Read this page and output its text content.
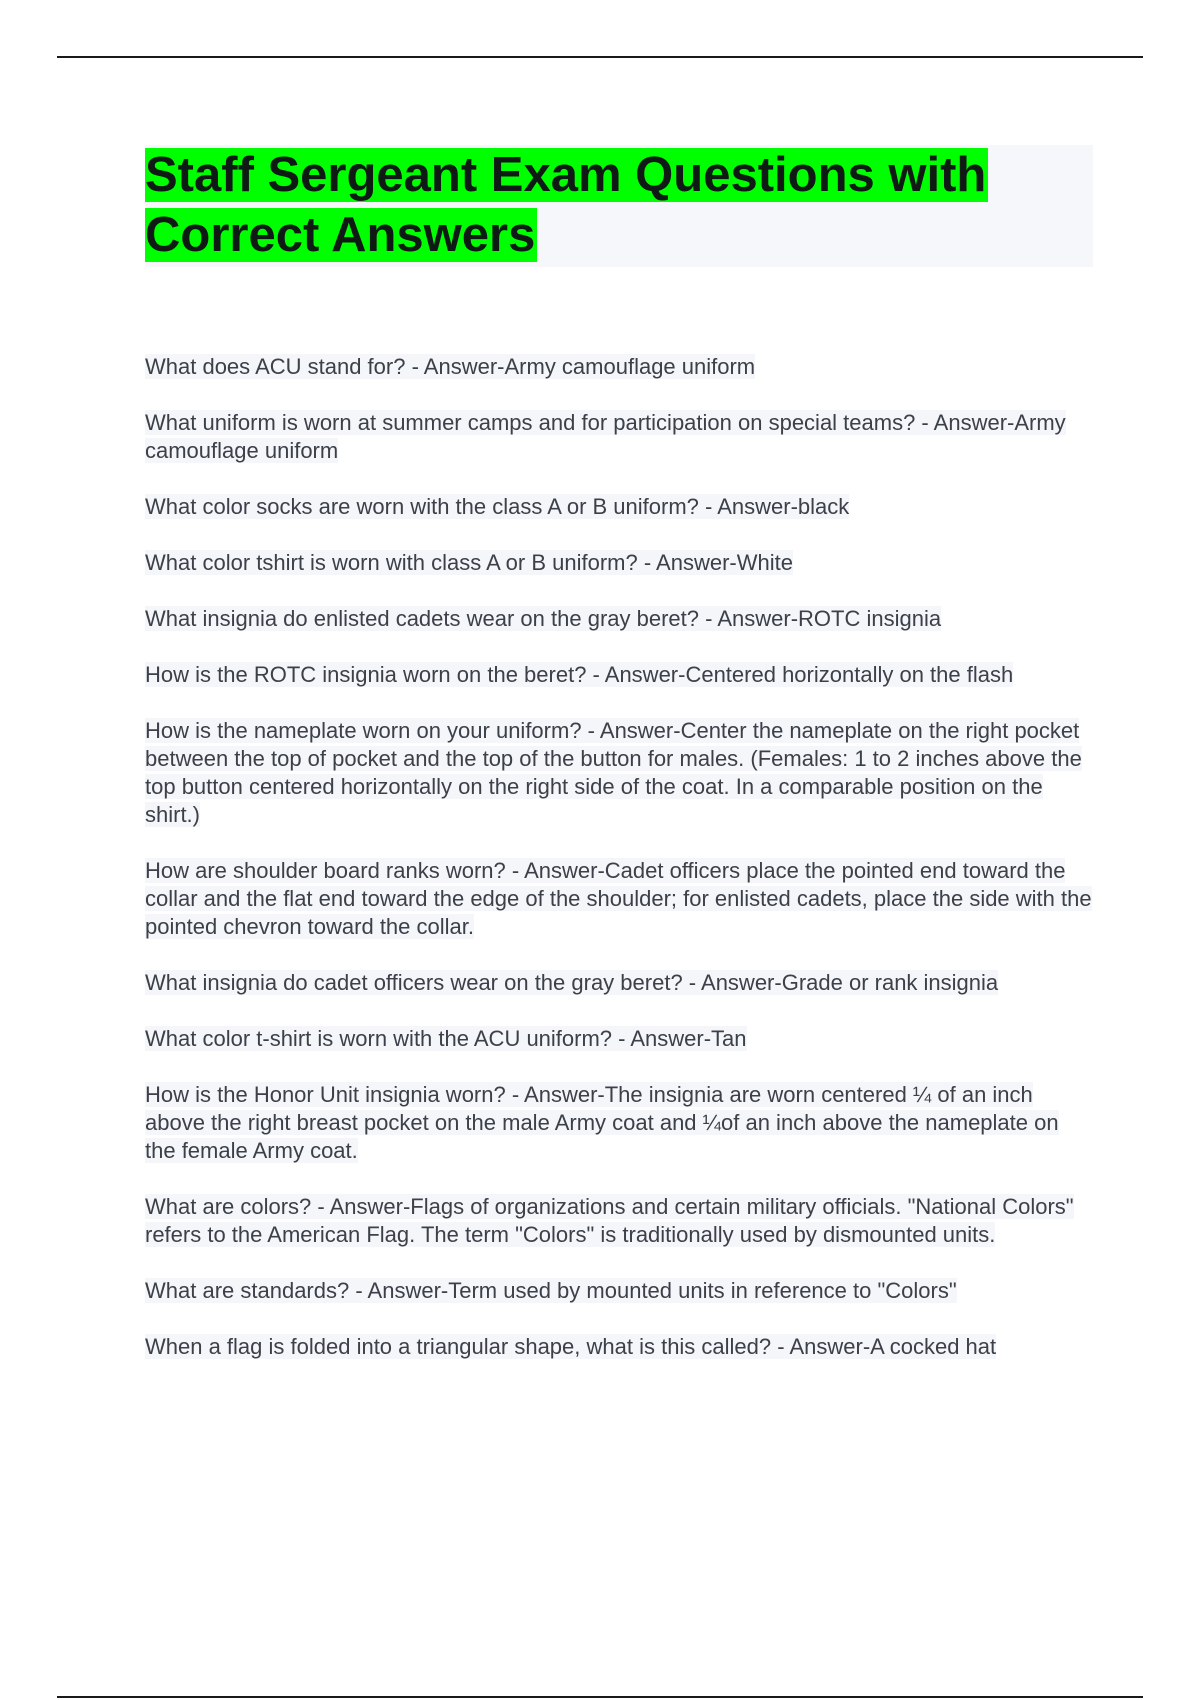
Staff Sergeant Exam Questions with Correct Answers

What does ACU stand for? - Answer-Army camouflage uniform

What uniform is worn at summer camps and for participation on special teams? - Answer-Army camouflage uniform

What color socks are worn with the class A or B uniform? - Answer-black

What color tshirt is worn with class A or B uniform? - Answer-White

What insignia do enlisted cadets wear on the gray beret? - Answer-ROTC insignia

How is the ROTC insignia worn on the beret? - Answer-Centered horizontally on the flash

How is the nameplate worn on your uniform? - Answer-Center the nameplate on the right pocket between the top of pocket and the top of the button for males. (Females: 1 to 2 inches above the top button centered horizontally on the right side of the coat. In a comparable position on the shirt.)

How are shoulder board ranks worn? - Answer-Cadet officers place the pointed end toward the collar and the flat end toward the edge of the shoulder; for enlisted cadets, place the side with the pointed chevron toward the collar.

What insignia do cadet officers wear on the gray beret? - Answer-Grade or rank insignia

What color t-shirt is worn with the ACU uniform? - Answer-Tan

How is the Honor Unit insignia worn? - Answer-The insignia are worn centered ¼ of an inch above the right breast pocket on the male Army coat and ¼of an inch above the nameplate on the female Army coat.

What are colors? - Answer-Flags of organizations and certain military officials. "National Colors" refers to the American Flag. The term "Colors" is traditionally used by dismounted units.

What are standards? - Answer-Term used by mounted units in reference to "Colors"

When a flag is folded into a triangular shape, what is this called? - Answer-A cocked hat
